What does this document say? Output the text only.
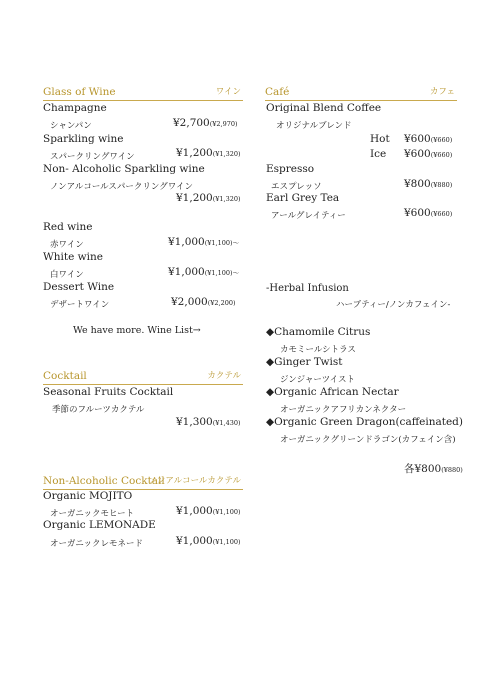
Glass of Wine	ワイン
Champagne
シャンパン	¥2,700(¥2,970)
Sparkling wine
スパークリングワイン	¥1,200(¥1,320)
Non- Alcoholic Sparkling wine
ノンアルコールスパークリングワイン
¥1,200(¥1,320)
Red wine
赤ワイン	¥1,000(¥1,100)〜
White wine
白ワイン	¥1,000(¥1,100)〜
Dessert Wine
デザートワイン	¥2,000(¥2,200)
We have more. Wine List→
Cocktail	カクテル
Seasonal Fruits Cocktail
季節のフルーツカクテル
¥1,300(¥1,430)
Non-Alcoholic Cocktail
ノンアルコールカクテル
Organic MOJITO
オーガニックモヒート	¥1,000(¥1,100)
Organic LEMONADE
オーガニックレモネード	¥1,000(¥1,100)
Café	カフェ
Original Blend Coffee
オリジナルブレンド
Hot ¥600(¥660)
Ice ¥600(¥660)
Espresso
エスプレッソ	¥800(¥880)
Earl Grey Tea
アールグレイティー	¥600(¥660)
-Herbal Infusion
ハーブティー/ノンカフェイン-
◆Chamomile Citrus
カモミールシトラス
◆Ginger Twist
ジンジャーツイスト
◆Organic African Nectar
オーガニックアフリカンネクター
◆Organic Green Dragon(caffeinated)
オーガニックグリーンドラゴン(カフェイン含)
各¥800(¥880)
